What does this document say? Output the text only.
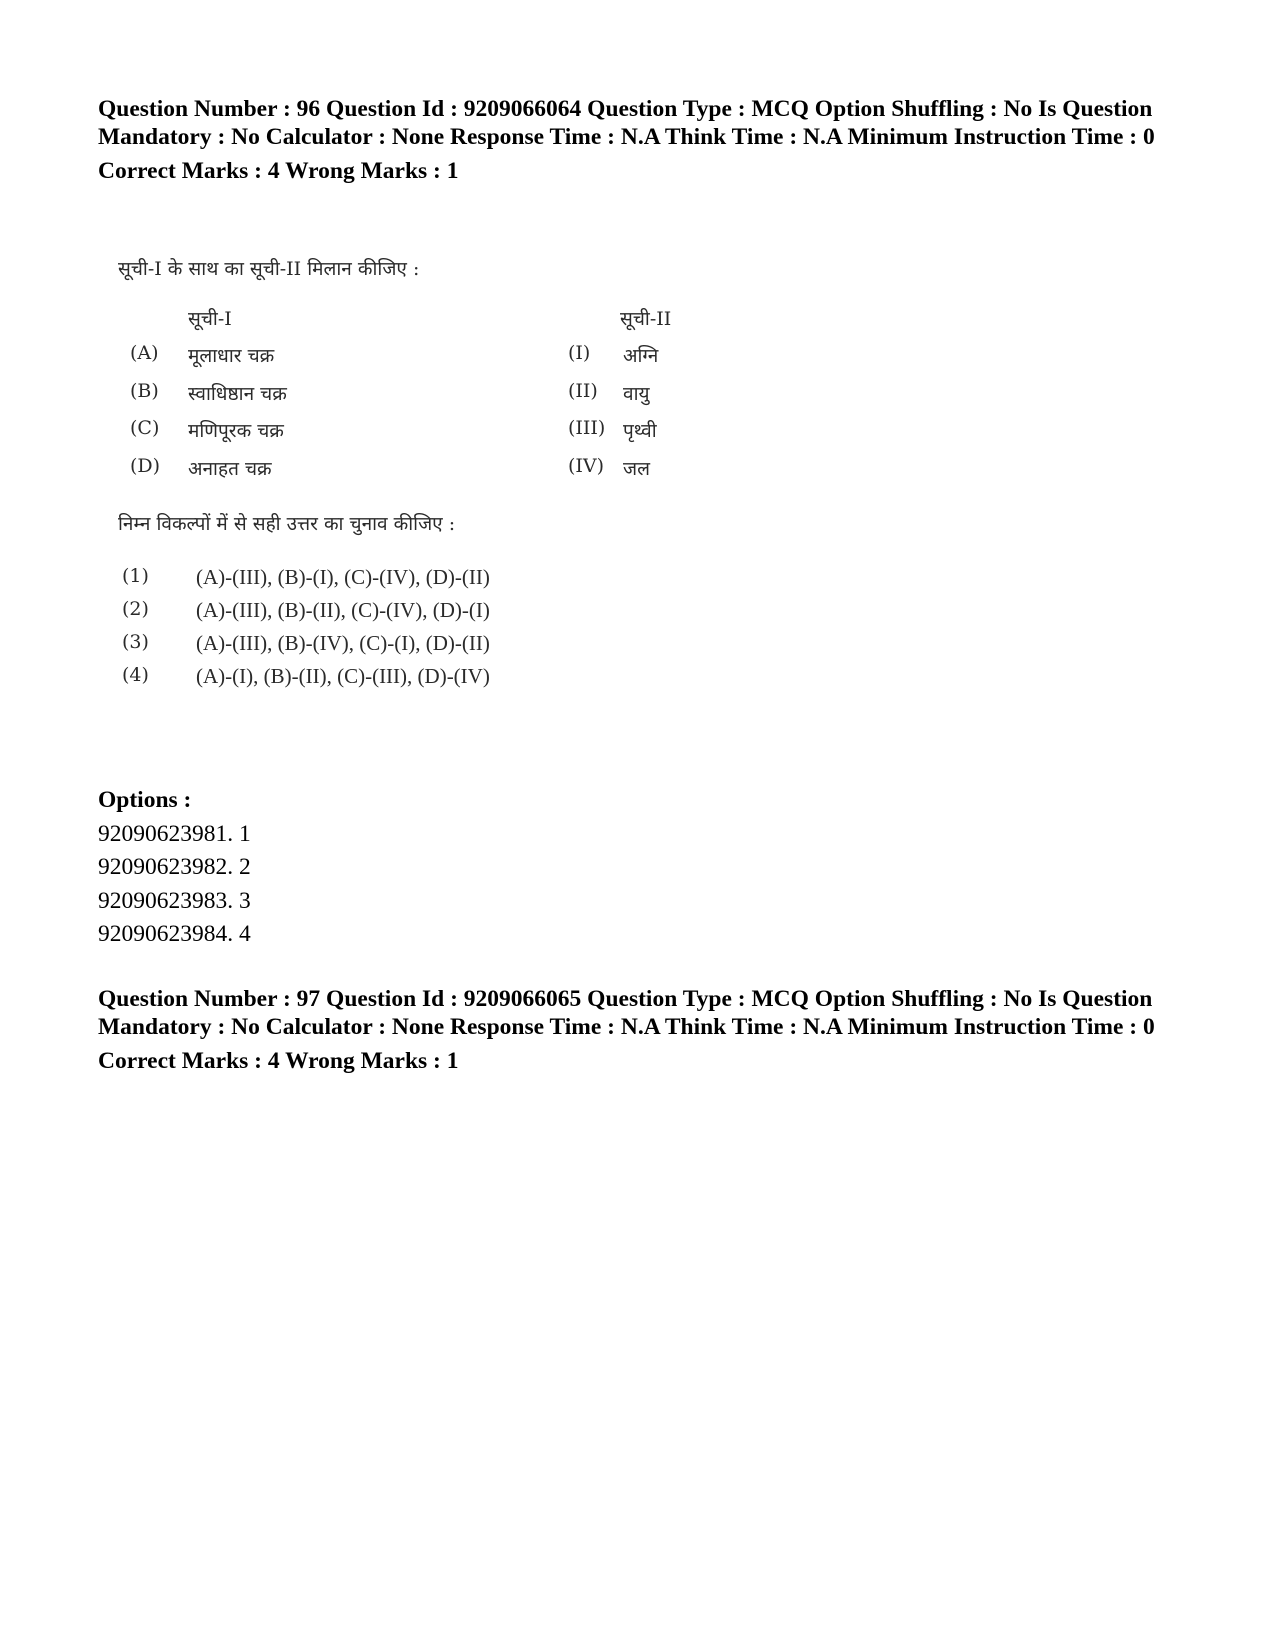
Question Number : 96 Question Id : 9209066064 Question Type : MCQ Option Shuffling : No Is Question Mandatory : No Calculator : None Response Time : N.A Think Time : N.A Minimum Instruction Time : 0

Correct Marks : 4 Wrong Marks : 1

सूची-I के साथ का सूची-II मिलान कीजिए :
सूची-I	सूची-II
(A) मूलाधार चक्र	(I) अग्नि
(B) स्वाधिष्ठान चक्र	(II) वायु
(C) मणिपूरक चक्र	(III) पृथ्वी
(D) अनाहत चक्र	(IV) जल
निम्न विकल्पों में से सही उत्तर का चुनाव कीजिए :
(1) (A)-(III), (B)-(I), (C)-(IV), (D)-(II)
(2) (A)-(III), (B)-(II), (C)-(IV), (D)-(I)
(3) (A)-(III), (B)-(IV), (C)-(I), (D)-(II)
(4) (A)-(I), (B)-(II), (C)-(III), (D)-(IV)

Options :

92090623981. 1

92090623982. 2

92090623983. 3

92090623984. 4

Question Number : 97 Question Id : 9209066065 Question Type : MCQ Option Shuffling : No Is Question Mandatory : No Calculator : None Response Time : N.A Think Time : N.A Minimum Instruction Time : 0

Correct Marks : 4 Wrong Marks : 1
